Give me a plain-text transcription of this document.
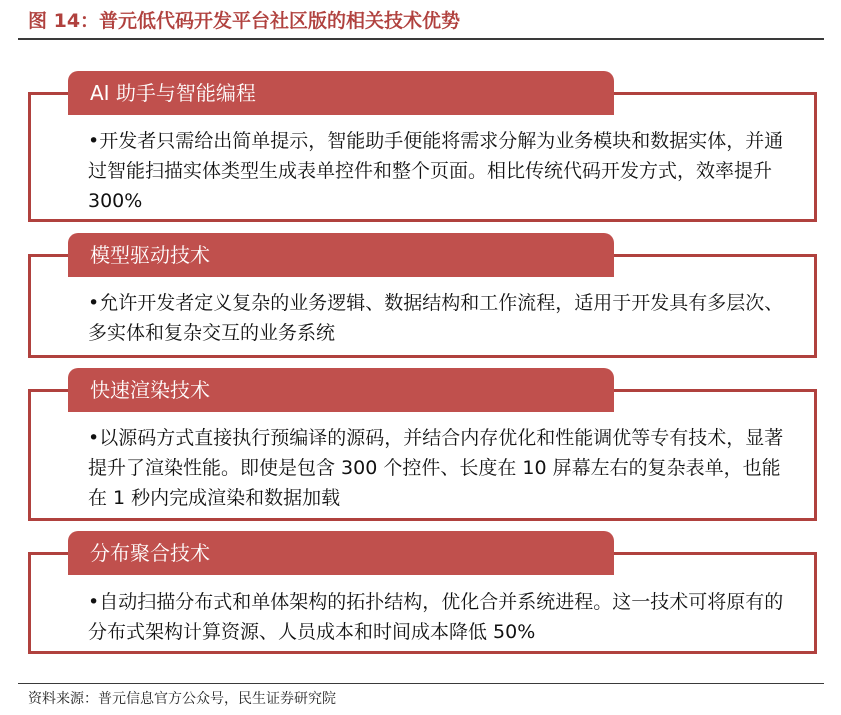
图 14：普元低代码开发平台社区版的相关技术优势
AI 助手与智能编程
•开发者只需给出简单提示，智能助手便能将需求分解为业务模块和数据实体，并通过智能扫描实体类型生成表单控件和整个页面。相比传统代码开发方式，效率提升 300%
模型驱动技术
•允许开发者定义复杂的业务逻辑、数据结构和工作流程，适用于开发具有多层次、多实体和复杂交互的业务系统
快速渲染技术
•以源码方式直接执行预编译的源码，并结合内存优化和性能调优等专有技术，显著提升了渲染性能。即使是包含 300 个控件、长度在 10 屏幕左右的复杂表单，也能在 1 秒内完成渲染和数据加载
分布聚合技术
•自动扫描分布式和单体架构的拓扑结构，优化合并系统进程。这一技术可将原有的分布式架构计算资源、人员成本和时间成本降低 50%
资料来源：普元信息官方公众号，民生证券研究院
